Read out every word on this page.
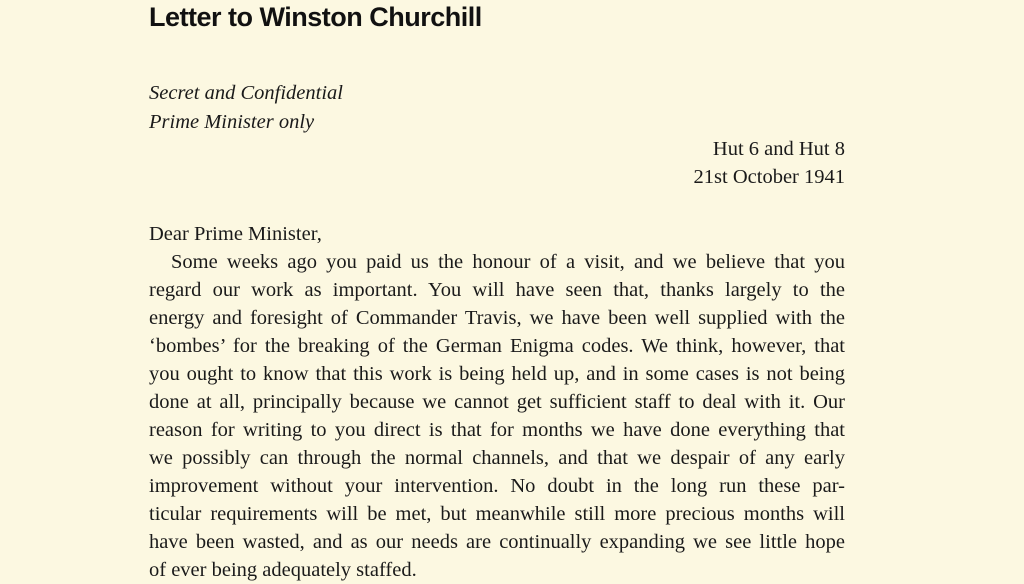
Letter to Winston Churchill
Secret and Confidential
Prime Minister only
Hut 6 and Hut 8
21st October 1941
Dear Prime Minister,
Some weeks ago you paid us the honour of a visit, and we believe that you
regard our work as important. You will have seen that, thanks largely to the
energy and foresight of Commander Travis, we have been well supplied with the
‘bombes’ for the breaking of the German Enigma codes. We think, however, that
you ought to know that this work is being held up, and in some cases is not being
done at all, principally because we cannot get sufficient staff to deal with it. Our
reason for writing to you direct is that for months we have done everything that
we possibly can through the normal channels, and that we despair of any early
improvement without your intervention. No doubt in the long run these par-
ticular requirements will be met, but meanwhile still more precious months will
have been wasted, and as our needs are continually expanding we see little hope
of ever being adequately staffed.
